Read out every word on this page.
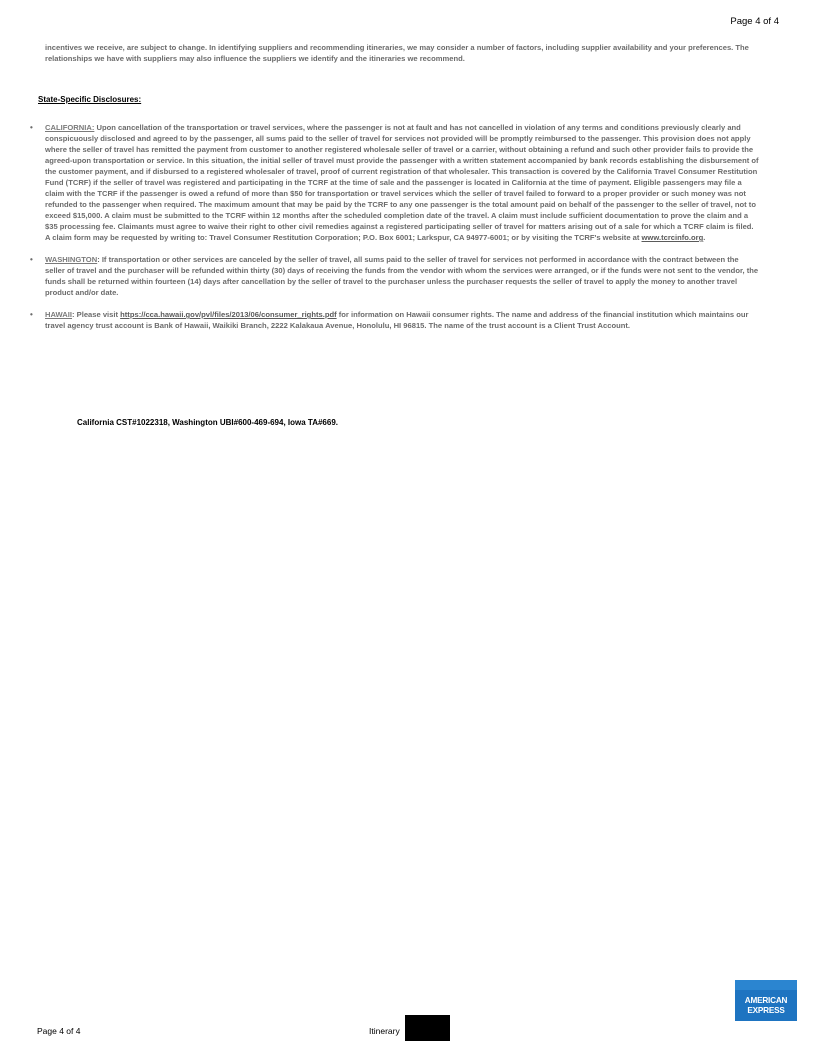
Page 4 of 4

incentives we receive, are subject to change. In identifying suppliers and recommending itineraries, we may consider a number of factors, including supplier availability and your preferences. The relationships we have with suppliers may also influence the suppliers we identify and the itineraries we recommend.

State-Specific Disclosures:
• CALIFORNIA: Upon cancellation of the transportation or travel services, where the passenger is not at fault and has not cancelled in violation of any terms and conditions previously clearly and conspicuously disclosed and agreed to by the passenger, all sums paid to the seller of travel for services not provided will be promptly reimbursed to the passenger. This provision does not apply where the seller of travel has remitted the payment from customer to another registered wholesale seller of travel or a carrier, without obtaining a refund and such other provider fails to provide the agreed-upon transportation or service. In this situation, the initial seller of travel must provide the passenger with a written statement accompanied by bank records establishing the disbursement of the customer payment, and if disbursed to a registered wholesaler of travel, proof of current registration of that wholesaler. This transaction is covered by the California Travel Consumer Restitution Fund (TCRF) if the seller of travel was registered and participating in the TCRF at the time of sale and the passenger is located in California at the time of payment. Eligible passengers may file a claim with the TCRF if the passenger is owed a refund of more than $50 for transportation or travel services which the seller of travel failed to forward to a proper provider or such money was not refunded to the passenger when required. The maximum amount that may be paid by the TCRF to any one passenger is the total amount paid on behalf of the passenger to the seller of travel, not to exceed $15,000. A claim must be submitted to the TCRF within 12 months after the scheduled completion date of the travel. A claim must include sufficient documentation to prove the claim and a $35 processing fee. Claimants must agree to waive their right to other civil remedies against a registered participating seller of travel for matters arising out of a sale for which a TCRF claim is filed. A claim form may be requested by writing to: Travel Consumer Restitution Corporation; P.O. Box 6001; Larkspur, CA 94977-6001; or by visiting the TCRF's website at www.tcrcinfo.org.
• WASHINGTON: If transportation or other services are canceled by the seller of travel, all sums paid to the seller of travel for services not performed in accordance with the contract between the seller of travel and the purchaser will be refunded within thirty (30) days of receiving the funds from the vendor with whom the services were arranged, or if the funds were not sent to the vendor, the funds shall be returned within fourteen (14) days after cancellation by the seller of travel to the purchaser unless the purchaser requests the seller of travel to apply the money to another travel product and/or date.
• HAWAII: Please visit https://cca.hawaii.gov/pvl/files/2013/06/consumer_rights.pdf for information on Hawaii consumer rights. The name and address of the financial institution which maintains our travel agency trust account is Bank of Hawaii, Waikiki Branch, 2222 Kalakaua Avenue, Honolulu, HI 96815. The name of the trust account is a Client Trust Account.
California CST#1022318, Washington UBI#600-469-694, Iowa TA#669.
Page 4 of 4	Itinerary
AMERICAN
EXPRESS
